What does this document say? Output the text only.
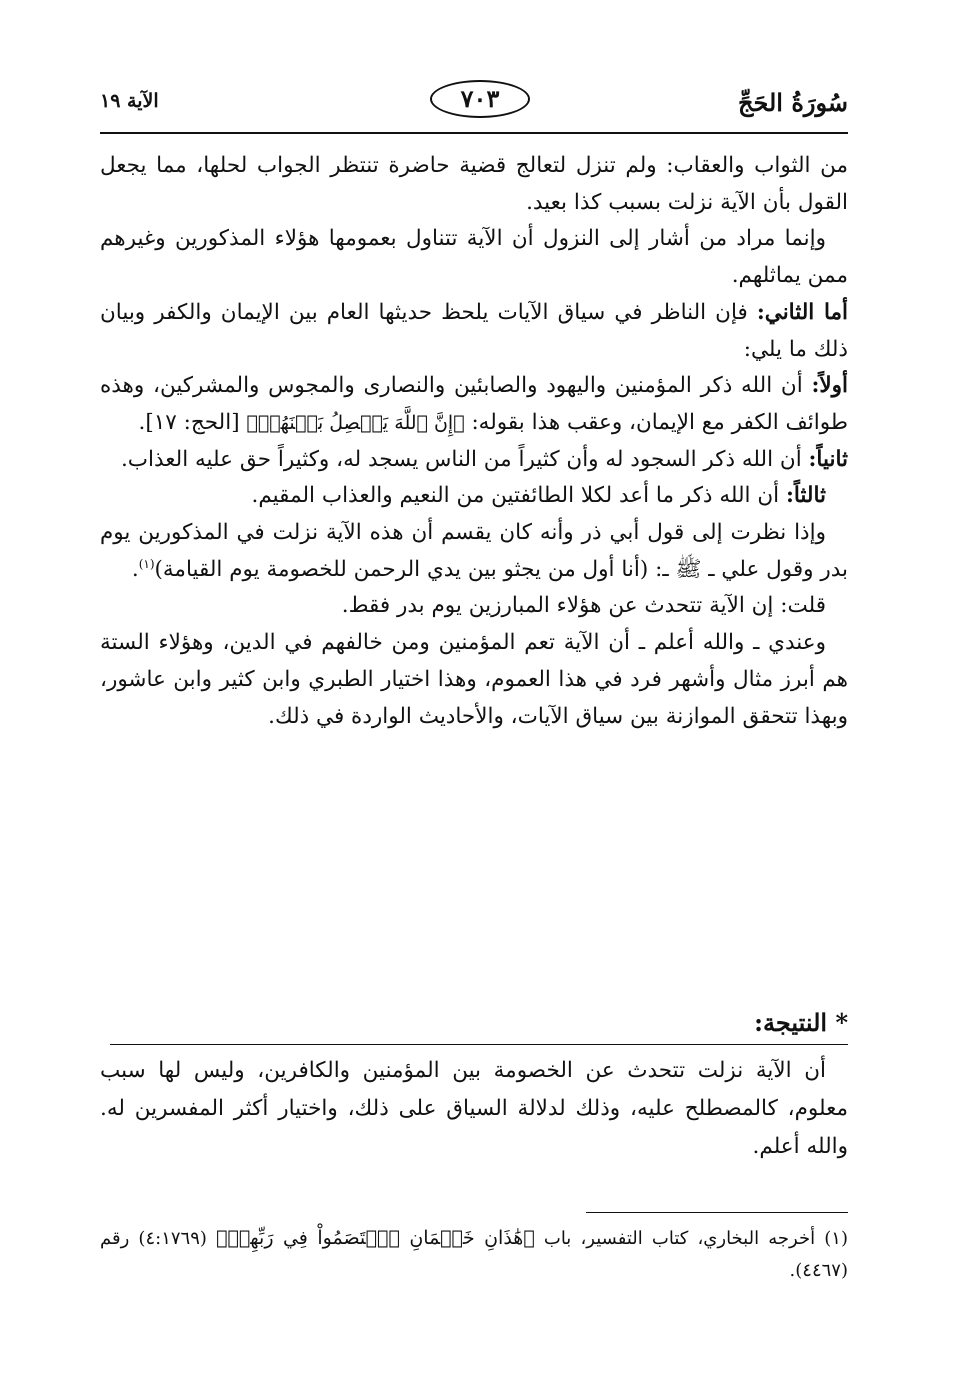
سُورَةُ الحَجِّ
٧٠٣
الآية ١٩

من الثواب والعقاب: ولم تنزل لتعالج قضية حاضرة تنتظر الجواب لحلها، مما يجعل القول بأن الآية نزلت بسبب كذا بعيد.

وإنما مراد من أشار إلى النزول أن الآية تتناول بعمومها هؤلاء المذكورين وغيرهم ممن يماثلهم.

أما الثاني: فإن الناظر في سياق الآيات يلحظ حديثها العام بين الإيمان والكفر وبيان ذلك ما يلي:

أولاً: أن الله ذكر المؤمنين واليهود والصابئين والنصارى والمجوس والمشركين، وهذه طوائف الكفر مع الإيمان، وعقب هذا بقوله: ﴿إِنَّ ٱللَّهَ يَفۡصِلُ بَيۡنَهُمۡ﴾ [الحج: ١٧].

ثانياً: أن الله ذكر السجود له وأن كثيراً من الناس يسجد له، وكثيراً حق عليه العذاب.

ثالثاً: أن الله ذكر ما أعد لكلا الطائفتين من النعيم والعذاب المقيم.

وإذا نظرت إلى قول أبي ذر وأنه كان يقسم أن هذه الآية نزلت في المذكورين يوم بدر وقول علي ـ ﷺ ـ: (أنا أول من يجثو بين يدي الرحمن للخصومة يوم القيامة)$^{(١)}$.

قلت: إن الآية تتحدث عن هؤلاء المبارزين يوم بدر فقط.

وعندي ـ والله أعلم ـ أن الآية تعم المؤمنين ومن خالفهم في الدين، وهؤلاء الستة هم أبرز مثال وأشهر فرد في هذا العموم، وهذا اختيار الطبري وابن كثير وابن عاشور، وبهذا تتحقق الموازنة بين سياق الآيات، والأحاديث الواردة في ذلك.

* النتيجة:

أن الآية نزلت تتحدث عن الخصومة بين المؤمنين والكافرين، وليس لها سبب معلوم، كالمصطلح عليه، وذلك لدلالة السياق على ذلك، واختيار أكثر المفسرين له. والله أعلم.

(١) أخرجه البخاري، كتاب التفسير، باب ﴿هَٰذَانِ خَصۡمَانِ ٱخۡتَصَمُواْ فِي رَبِّهِمۡ﴾ (٤:١٧٦٩) رقم (٤٤٦٧).
